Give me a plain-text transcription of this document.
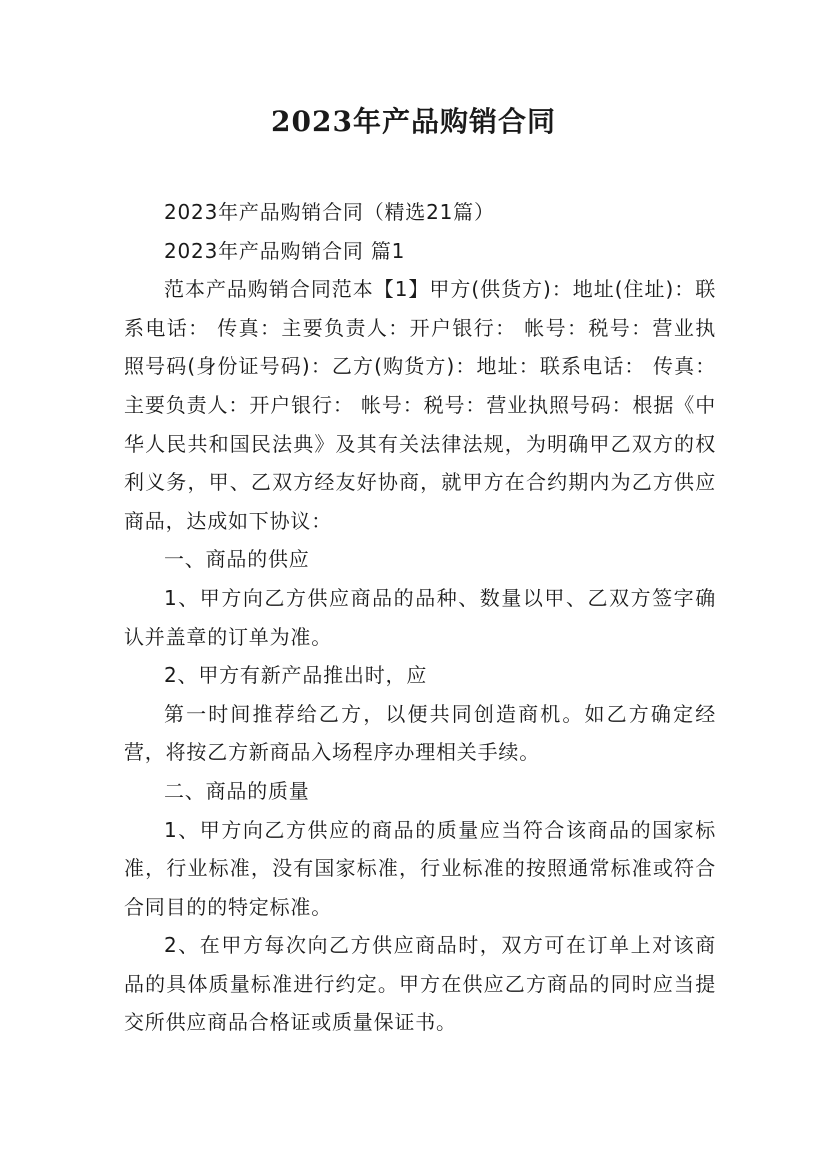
2023年产品购销合同

2023年产品购销合同（精选21篇）

2023年产品购销合同 篇1

范本产品购销合同范本【1】甲方(供货方)：地址(住址)：联系电话： 传真：主要负责人：开户银行： 帐号：税号：营业执照号码(身份证号码)：乙方(购货方)：地址：联系电话： 传真：主要负责人：开户银行： 帐号：税号：营业执照号码：根据《中华人民共和国民法典》及其有关法律法规，为明确甲乙双方的权利义务，甲、乙双方经友好协商，就甲方在合约期内为乙方供应商品，达成如下协议：

一、商品的供应

1、甲方向乙方供应商品的品种、数量以甲、乙双方签字确认并盖章的订单为准。

2、甲方有新产品推出时，应

第一时间推荐给乙方，以便共同创造商机。如乙方确定经营，将按乙方新商品入场程序办理相关手续。

二、商品的质量

1、甲方向乙方供应的商品的质量应当符合该商品的国家标准，行业标准，没有国家标准，行业标准的按照通常标准或符合合同目的的特定标准。

2、在甲方每次向乙方供应商品时，双方可在订单上对该商品的具体质量标准进行约定。甲方在供应乙方商品的同时应当提交所供应商品合格证或质量保证书。
